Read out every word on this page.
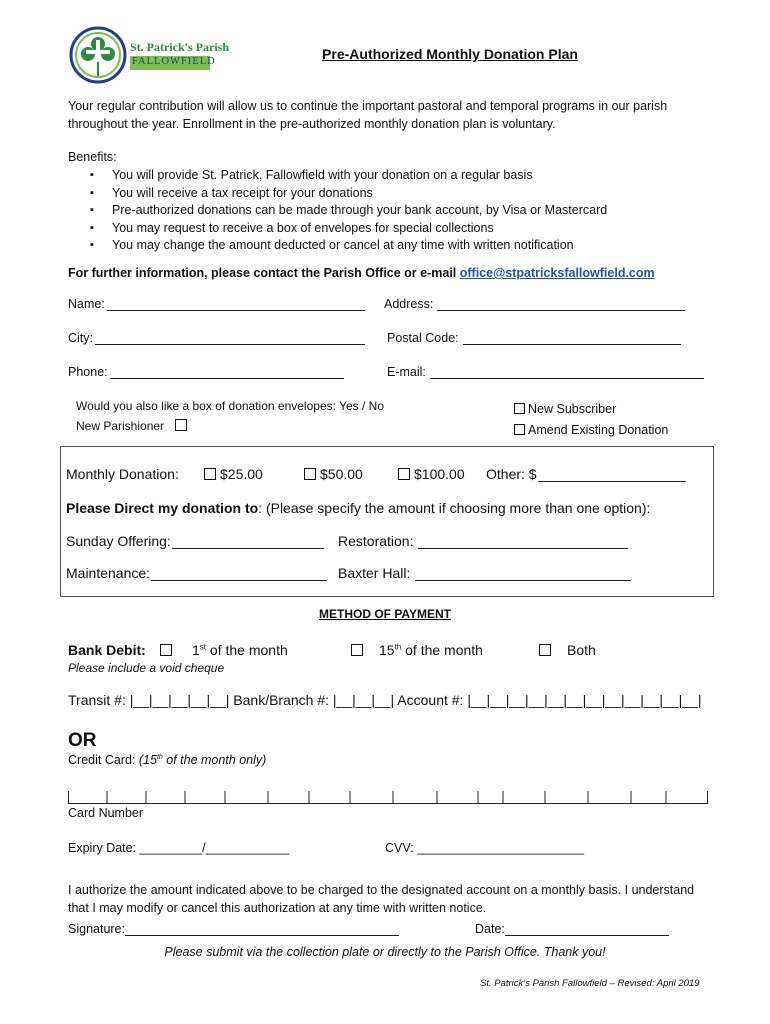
St. Patrick's Parish
FALLOWFIELD	Pre-Authorized Monthly Donation Plan
Your regular contribution will allow us to continue the important pastoral and temporal programs in our parish throughout the year. Enrollment in the pre-authorized monthly donation plan is voluntary.
Benefits:
▪ You will provide St. Patrick, Fallowfield with your donation on a regular basis
▪ You will receive a tax receipt for your donations
▪ Pre-authorized donations can be made through your bank account, by Visa or Mastercard
▪ You may request to receive a box of envelopes for special collections
▪ You may change the amount deducted or cancel at any time with written notification
For further information, please contact the Parish Office or e-mail office@stpatricksfallowfield.com
Name:	Address:
City:	Postal Code:
Phone:	E-mail:
Would you also like a box of donation envelopes: Yes / No
New Parishioner
New Subscriber
Amend Existing Donation
Monthly Donation:	$25.00	$50.00	$100.00 Other: $
Please Direct my donation to: (Please specify the amount if choosing more than one option):
Sunday Offering:	Restoration:
Maintenance:	Baxter Hall:
METHOD OF PAYMENT
Bank Debit:	1st of the month	15th of the month	Both
Please include a void cheque
Transit #: |__|__|__|__|__| Bank/Branch #: |__|__|__| Account #: |__|__|__|__|__|__|__|__|__|__|__|__|
OR
Credit Card: (15th of the month only)
Card Number
Expiry Date: _________/____________	CVV: ________________________
I authorize the amount indicated above to be charged to the designated account on a monthly basis. I understand that I may modify or cancel this authorization at any time with written notice.
Signature:	Date:
Please submit via the collection plate or directly to the Parish Office. Thank you!
St. Patrick's Parish Fallowfield – Revised: April 2019
